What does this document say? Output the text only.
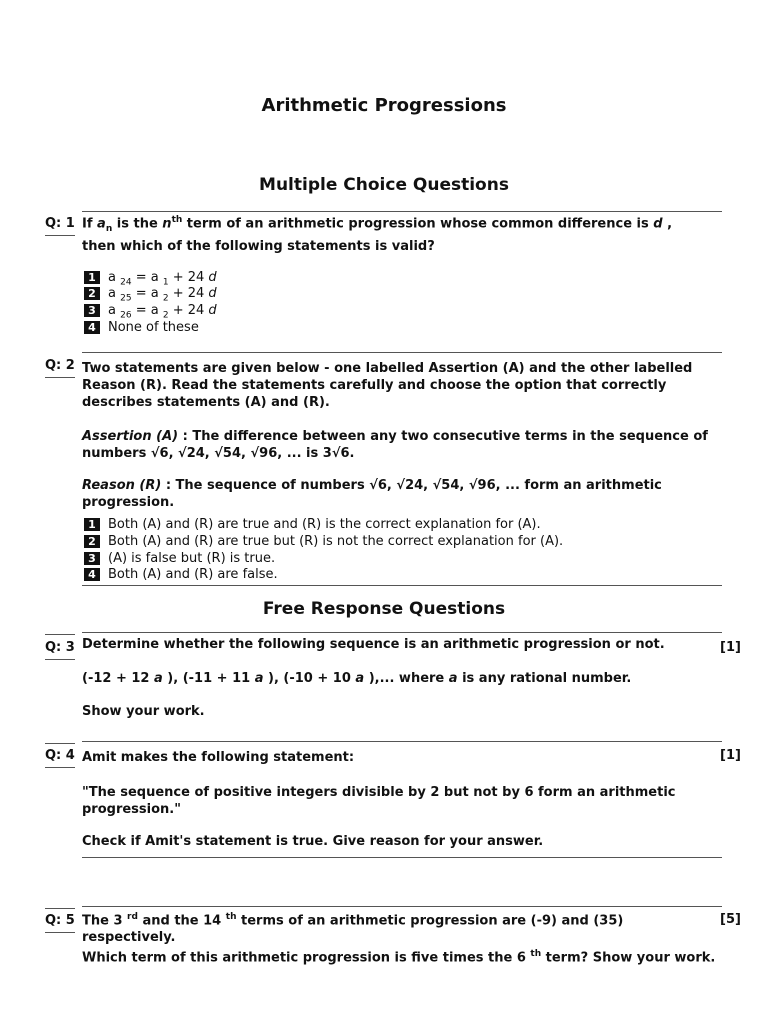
Arithmetic Progressions
Multiple Choice Questions
Q: 1 If $a_n$ is the $n^{th}$ term of an arithmetic progression whose common difference is d ,
then which of the following statements is valid?
1 a $_{24}$ = a $_1$ + 24 d
2 a $_{25}$ = a $_2$ + 24 d
3 a $_{26}$ = a $_2$ + 24 d
4 None of these
Q: 2 Two statements are given below - one labelled Assertion (A) and the other labelled
Reason (R). Read the statements carefully and choose the option that correctly
describes statements (A) and (R).
Assertion (A) : The difference between any two consecutive terms in the sequence of
numbers √6, √24, √54, √96, ... is 3√6.
Reason (R) : The sequence of numbers √6, √24, √54, √96, ... form an arithmetic
progression.
1 Both (A) and (R) are true and (R) is the correct explanation for (A).
2 Both (A) and (R) are true but (R) is not the correct explanation for (A).
3 (A) is false but (R) is true.
4 Both (A) and (R) are false.
Free Response Questions
Q: 3	[1]
Determine whether the following sequence is an arithmetic progression or not.
(-12 + 12 a ), (-11 + 11 a ), (-10 + 10 a ),... where a is any rational number.
Show your work.
Q: 4	[1]
Amit makes the following statement:
"The sequence of positive integers divisible by 2 but not by 6 form an arithmetic
progression."
Check if Amit's statement is true. Give reason for your answer.
Q: 5	[5]
The 3 $^{rd}$ and the 14 $^{th}$ terms of an arithmetic progression are (-9) and (35)
respectively.
Which term of this arithmetic progression is five times the 6 $^{th}$ term? Show your work.
